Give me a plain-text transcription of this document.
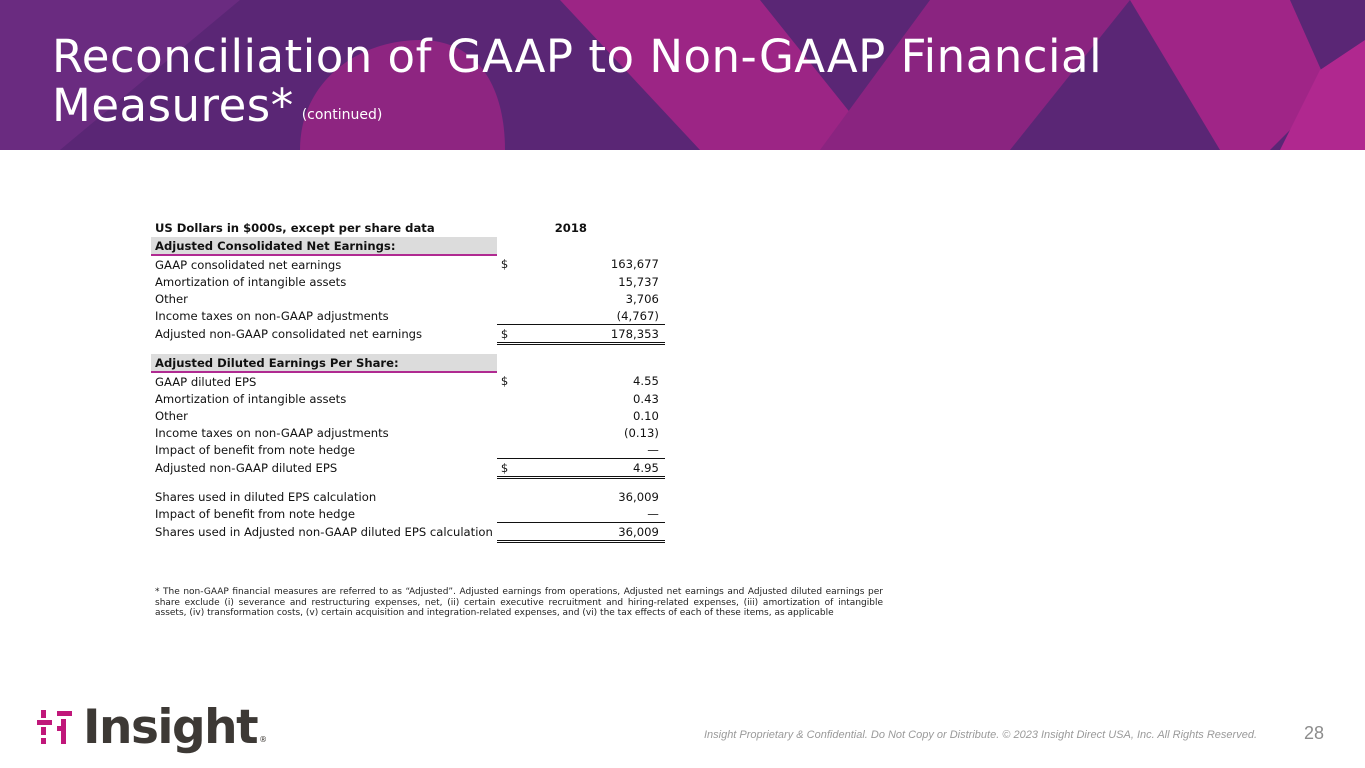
Reconciliation of GAAP to Non-GAAP Financial
Measures* (continued)
US Dollars in $000s, except per share data		2018
Adjusted Consolidated Net Earnings:		
GAAP consolidated net earnings	$	163,677
Amortization of intangible assets		15,737
Other		3,706
Income taxes on non-GAAP adjustments		(4,767)
Adjusted non-GAAP consolidated net earnings	$	178,353

Adjusted Diluted Earnings Per Share:		
GAAP diluted EPS	$	4.55
Amortization of intangible assets		0.43
Other		0.10
Income taxes on non-GAAP adjustments		(0.13)
Impact of benefit from note hedge		—
Adjusted non-GAAP diluted EPS	$	4.95

Shares used in diluted EPS calculation		36,009
Impact of benefit from note hedge		—
Shares used in Adjusted non-GAAP diluted EPS calculation		36,009

* The non-GAAP financial measures are referred to as “Adjusted”. Adjusted earnings from operations, Adjusted net earnings and Adjusted diluted earnings per share exclude (i) severance and restructuring expenses, net, (ii) certain executive recruitment and hiring-related expenses, (iii) amortization of intangible assets, (iv) transformation costs, (v) certain acquisition and integration-related expenses, and (vi) the tax effects of each of these items, as applicable

Insight ®	Insight Proprietary & Confidential. Do Not Copy or Distribute. © 2023 Insight Direct USA, Inc. All Rights Reserved.	28
